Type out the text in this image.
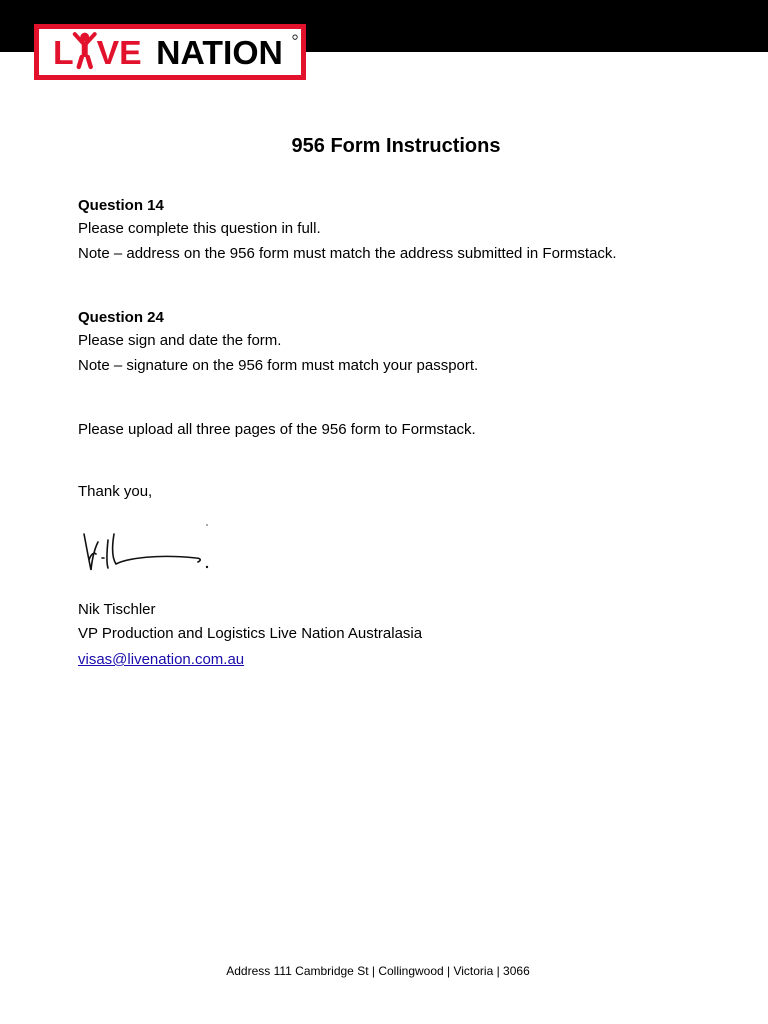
L VE NATION
956 Form Instructions
Question 14
Please complete this question in full.
Note – address on the 956 form must match the address submitted in Formstack.
Question 24
Please sign and date the form.
Note – signature on the 956 form must match your passport.
Please upload all three pages of the 956 form to Formstack.
Thank you,
Nik Tischler
VP Production and Logistics Live Nation Australasia
visas@livenation.com.au
Address 111 Cambridge St | Collingwood | Victoria | 3066
